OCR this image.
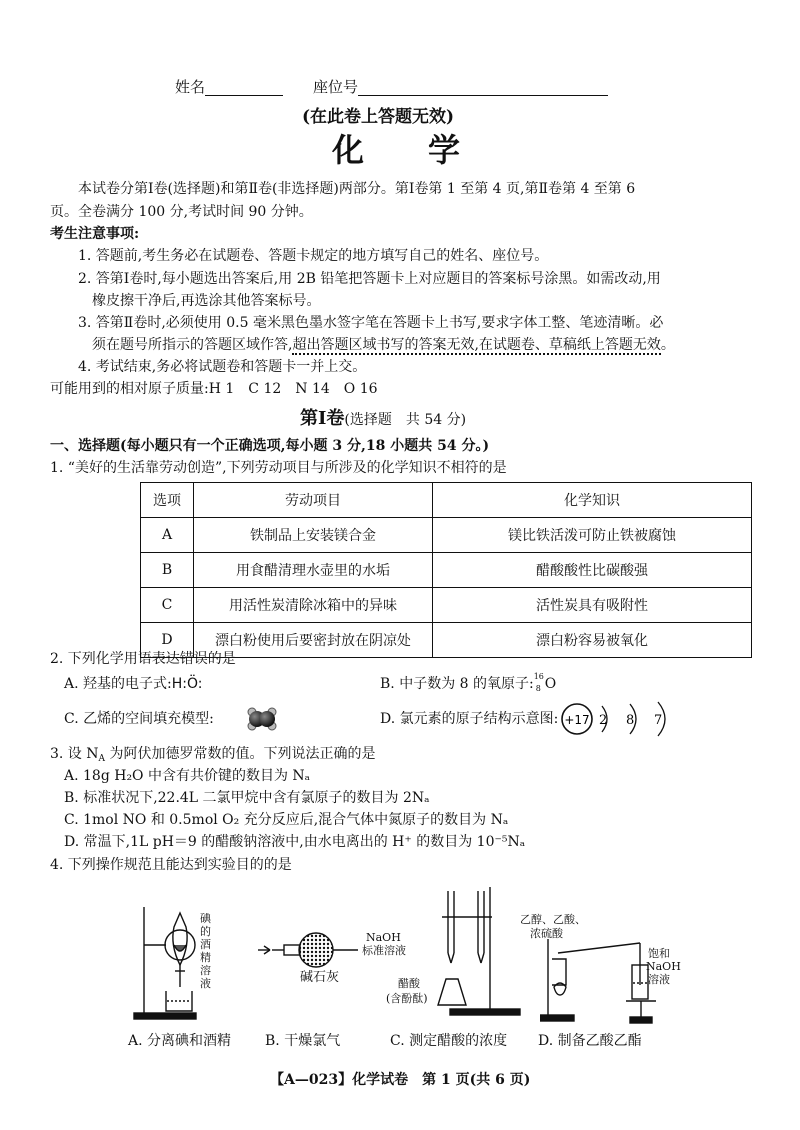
姓名	座位号
(在此卷上答题无效)
化　　学
本试卷分第Ⅰ卷(选择题)和第Ⅱ卷(非选择题)两部分。第Ⅰ卷第 1 至第 4 页,第Ⅱ卷第 4 至第 6
页。全卷满分 100 分,考试时间 90 分钟。
考生注意事项:
1. 答题前,考生务必在试题卷、答题卡规定的地方填写自己的姓名、座位号。
2. 答第Ⅰ卷时,每小题选出答案后,用 2B 铅笔把答题卡上对应题目的答案标号涂黑。如需改动,用
橡皮擦干净后,再选涂其他答案标号。
3. 答第Ⅱ卷时,必须使用 0.5 毫米黑色墨水签字笔在答题卡上书写,要求字体工整、笔迹清晰。必
须在题号所指示的答题区域作答,超出答题区域书写的答案无效,在试题卷、草稿纸上答题无效。
4. 考试结束,务必将试题卷和答题卡一并上交。
可能用到的相对原子质量:H 1　C 12　N 14　O 16
第Ⅰ卷(选择题　共 54 分)
一、选择题(每小题只有一个正确选项,每小题 3 分,18 小题共 54 分。)
1. “美好的生活靠劳动创造”,下列劳动项目与所涉及的化学知识不相符的是
选项	劳动项目	化学知识
A	铁制品上安装镁合金	镁比铁活泼可防止铁被腐蚀
B	用食醋清理水壶里的水垢	醋酸酸性比碳酸强
C	用活性炭清除冰箱中的异味	活性炭具有吸附性
D	漂白粉使用后要密封放在阴凉处	漂白粉容易被氧化
2. 下列化学用语表达错误的是
A. 羟基的电子式:H:Ö:	B. 中子数为 8 的氧原子: 16
8 O
C. 乙烯的空间填充模型:	D. 氯元素的原子结构示意图: +17 2 8 7
3. 设 $N_A$ 为阿伏加德罗常数的值。下列说法正确的是
A. 18g H₂O 中含有共价键的数目为 Nₐ
B. 标准状况下,22.4L 二氯甲烷中含有氯原子的数目为 2Nₐ
C. 1mol NO 和 0.5mol O₂ 充分反应后,混合气体中氮原子的数目为 Nₐ
D. 常温下,1L pH＝9 的醋酸钠溶液中,由水电离出的 H⁺ 的数目为 10⁻⁵Nₐ
4. 下列操作规范且能达到实验目的的是
碘
的
酒
精
溶
液	碱石灰
NaOH
标准溶液
醋酸
(含酚酞)
乙醇、乙酸、
浓硫酸
饱和
NaOH
溶液
A. 分离碘和酒精 B. 干燥氯气	C. 测定醋酸的浓度 D. 制备乙酸乙酯
【A—023】化学试卷　第 1 页(共 6 页)
